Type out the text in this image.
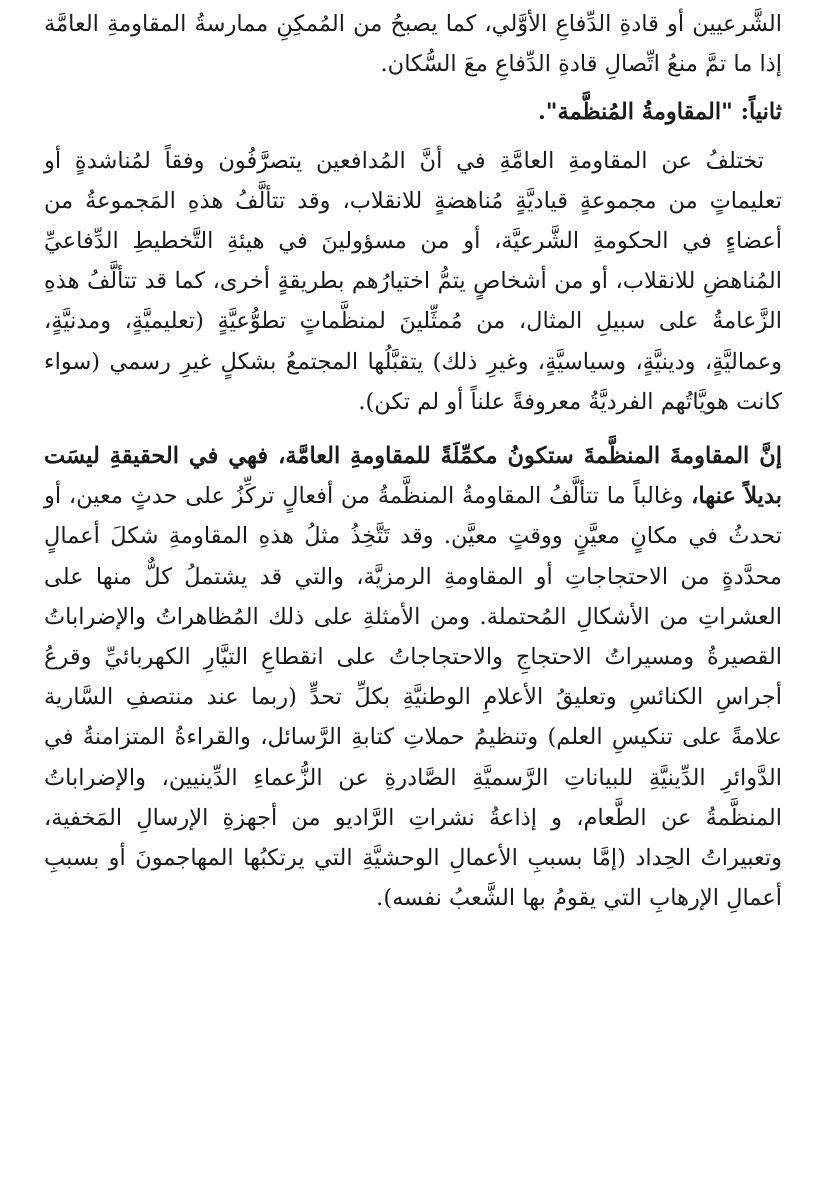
الشَّرعيين أو قادةِ الدِّفاعِ الأوَّلي، كما يصبحُ من المُمكِنِ ممارسةُ المقاومةِ العامَّة إذا ما تمَّ منعُ اتِّصالِ قادةِ الدِّفاعِ معَ السُّكان.

ثانياً: "المقاومةُ المُنظَّمة".

تختلفُ عن المقاومةِ العامَّةِ في أنَّ المُدافعين يتصرَّفُون وفقاً لمُناشدةٍ أو تعليماتٍ من مجموعةٍ قياديَّةٍ مُناهضةٍ للانقلاب، وقد تتألَّفُ هذهِ المَجموعةُ من أعضاءٍ في الحكومةِ الشَّرعيَّة، أو من مسؤولينَ في هيئةِ التَّخطيطِ الدِّفاعيِّ المُناهضِ للانقلاب، أو من أشخاصٍ يتمُّ اختيارُهم بطريقةٍ أخرى، كما قد تتألَّفُ هذهِ الزَّعامةُ على سبيلِ المثال، من مُمثِّلينَ لمنظَّماتٍ تطوُّعيَّةٍ (تعليميَّةٍ، ومدنيَّةٍ، وعماليَّةٍ، ودينيَّةٍ، وسياسيَّةٍ، وغيرِ ذلك) يتقبَّلُها المجتمعُ بشكلٍ غيرِ رسمي (سواء كانت هويَّاتُهم الفرديَّةُ معروفةً علناً أو لم تكن).

إنَّ المقاومةَ المنظَّمةَ ستكونُ مكمِّلَةً للمقاومةِ العامَّة، فهي في الحقيقةِ ليسَت بديلاً عنها، وغالباً ما تتألَّفُ المقاومةُ المنظَّمةُ من أفعالٍ تركِّزُ على حدثٍ معين، أو تحدثُ في مكانٍ معيَّنٍ ووقتٍ معيَّن. وقد تَتَّخِذُ مثلُ هذهِ المقاومةِ شكلَ أعمالٍ محدَّدةٍ من الاحتجاجاتِ أو المقاومةِ الرمزيَّة، والتي قد يشتملُ كلٌّ منها على العشراتِ من الأشكالِ المُحتملة. ومن الأمثلةِ على ذلك المُظاهراتُ والإضراباتُ القصيرةُ ومسيراتُ الاحتجاجِ والاحتجاجاتُ على انقطاعِ التيَّارِ الكهربائيِّ وقرعُ أجراسِ الكنائسِ وتعليقُ الأعلامِ الوطنيَّةِ بكلِّ تحدٍّ (ربما عند منتصفِ السَّارية علامةً على تنكيسِ العلم) وتنظيمُ حملاتِ كتابةِ الرَّسائل، والقراءةُ المتزامنةُ في الدَّوائرِ الدِّينيَّةِ للبياناتِ الرَّسميَّةِ الصَّادرةِ عن الزُّعماءِ الدِّينيين، والإضراباتُ المنظَّمةُ عن الطَّعام، و إذاعةُ نشراتِ الرَّاديو من أجهزةِ الإرسالِ المَخفية، وتعبيراتُ الحِداد (إمَّا بسببِ الأعمالِ الوحشيَّةِ التي يرتكبُها المهاجمونَ أو بسببِ أعمالِ الإرهابِ التي يقومُ بها الشَّعبُ نفسه).
